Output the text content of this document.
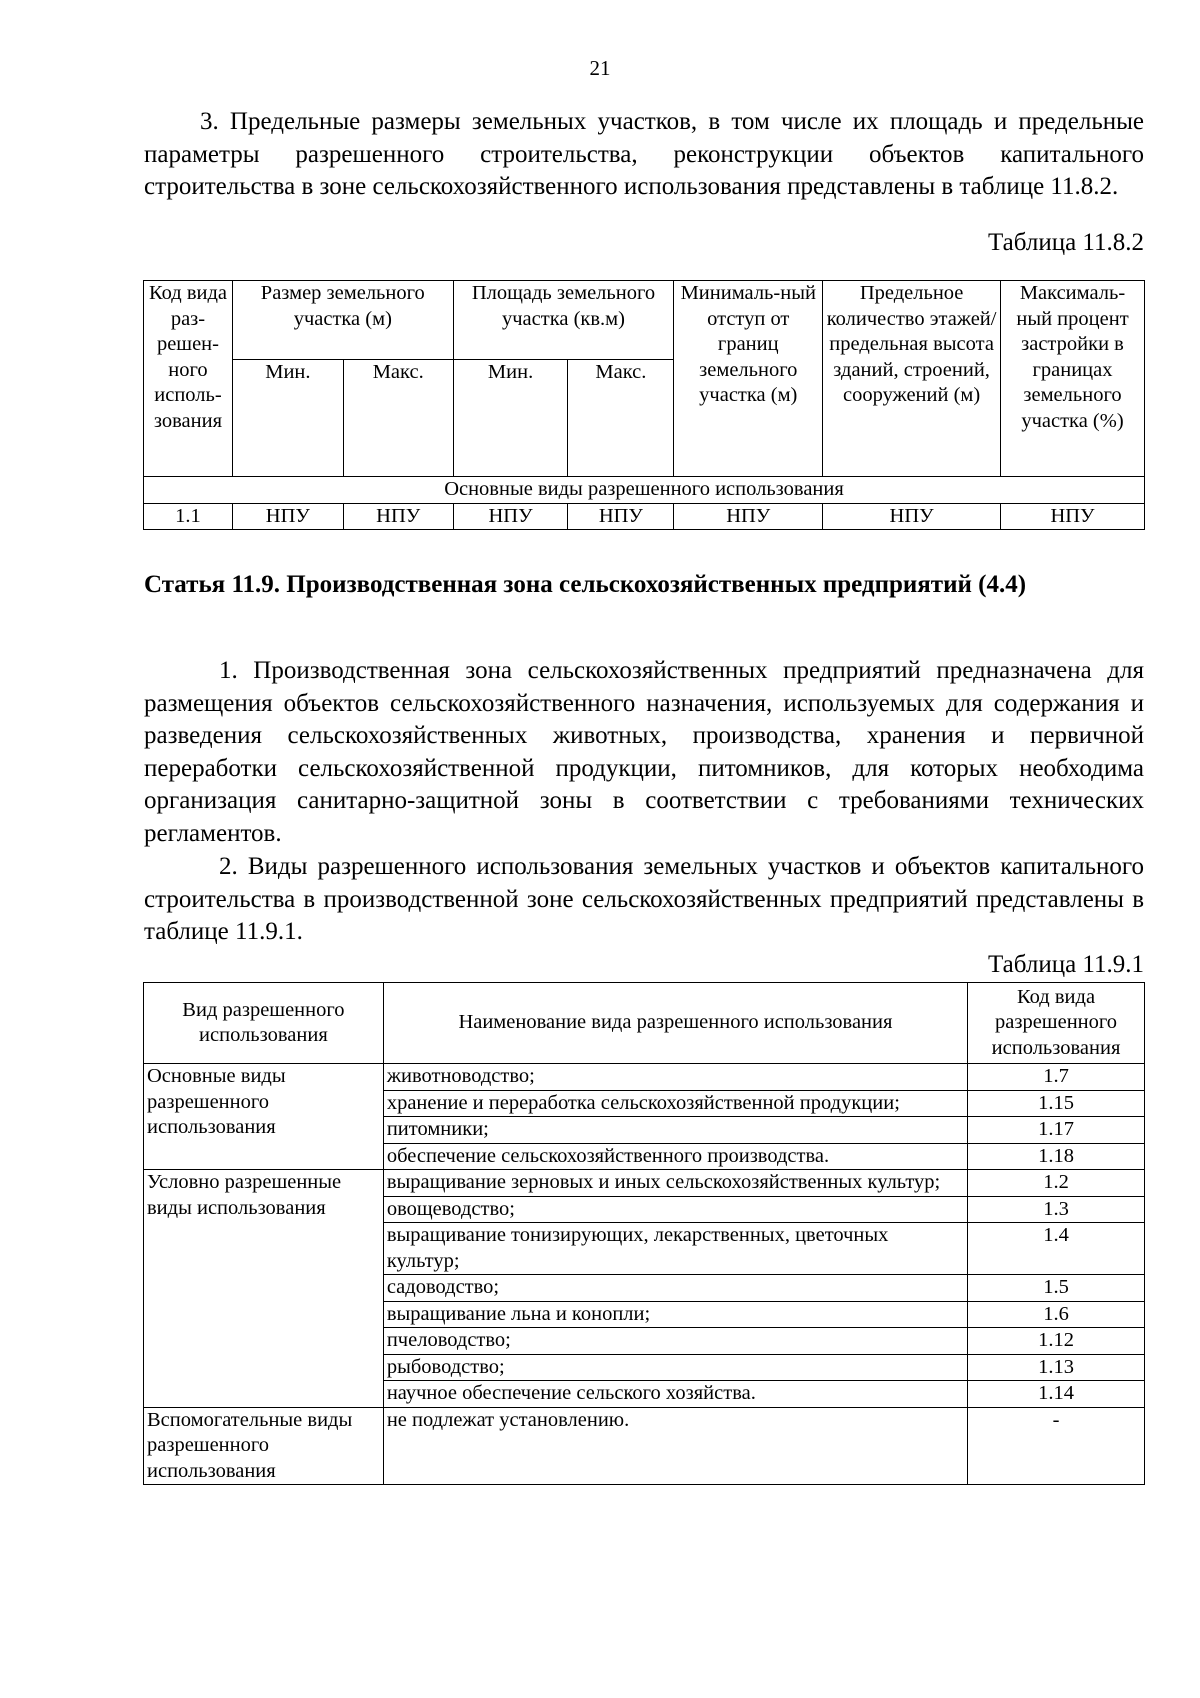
21

3. Предельные размеры земельных участков, в том числе их площадь и предельные параметры разрешенного строительства, реконструкции объектов капитального строительства в зоне сельскохозяйственного использования представлены в таблице 11.8.2.

Таблица 11.8.2
Код вида раз-решен-ного исполь-зования	Размер земельного участка (м)		Площадь земельного участка (кв.м)		Минималь-ный отступ от границ земельного участка (м)	Предельное количество этажей/ предельная высота зданий, строений, сооружений (м)	Максималь-ный процент застройки в границах земельного участка (%)
	Мин.	Макс.	Мин.	Макс.			
Основные виды разрешенного использования							
1.1	НПУ	НПУ	НПУ	НПУ	НПУ	НПУ	НПУ

Статья 11.9. Производственная зона сельскохозяйственных предприятий (4.4)

1. Производственная зона сельскохозяйственных предприятий предназначена для размещения объектов сельскохозяйственного назначения, используемых для содержания и разведения сельскохозяйственных животных, производства, хранения и первичной переработки сельскохозяйственной продукции, питомников, для которых необходима организация санитарно-защитной зоны в соответствии с требованиями технических регламентов.

2. Виды разрешенного использования земельных участков и объектов капитального строительства в производственной зоне сельскохозяйственных предприятий представлены в таблице 11.9.1.

Таблица 11.9.1
Вид разрешенного использования	Наименование вида разрешенного использования	Код вида разрешенного использования
Основные виды разрешенного использования	животноводство;	1.7
	хранение и переработка сельскохозяйственной продукции;	1.15
	питомники;	1.17
	обеспечение сельскохозяйственного производства.	1.18
Условно разрешенные виды использования	выращивание зерновых и иных сельскохозяйственных культур;	1.2
	овощеводство;	1.3
	выращивание тонизирующих, лекарственных, цветочных культур;	1.4
	садоводство;	1.5
	выращивание льна и конопли;	1.6
	пчеловодство;	1.12
	рыбоводство;	1.13
	научное обеспечение сельского хозяйства.	1.14
Вспомогательные виды разрешенного использования	не подлежат установлению.	-
